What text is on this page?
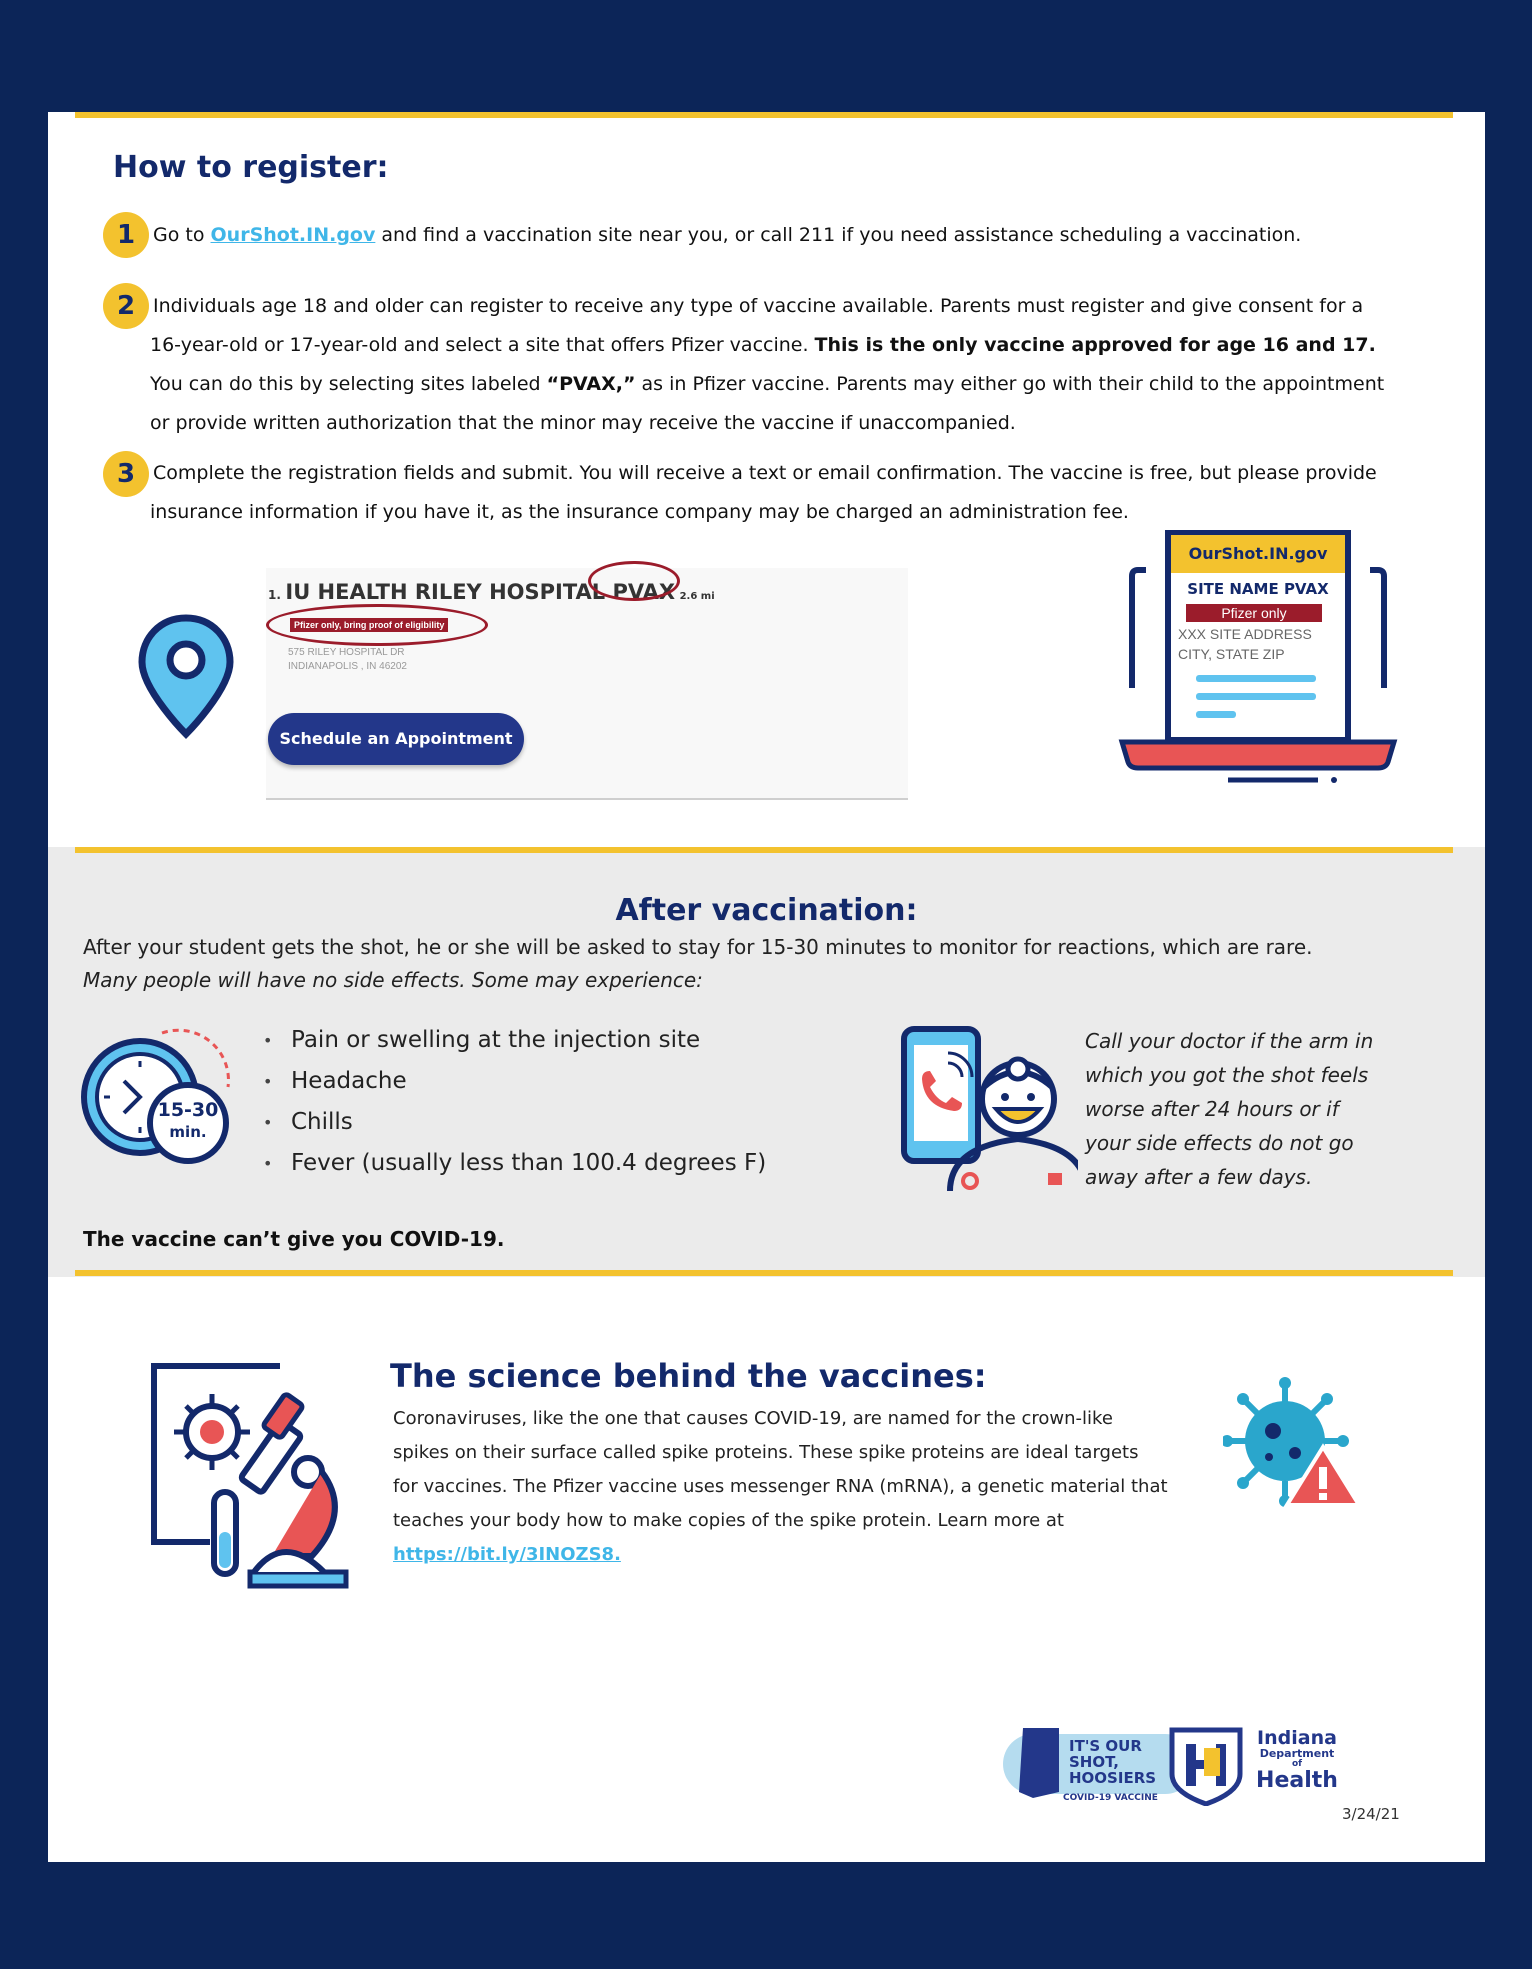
How to register:
1 Go to OurShot.IN.gov and find a vaccination site near you, or call 211 if you need assistance scheduling a vaccination.
2 Individuals age 18 and older can register to receive any type of vaccine available. Parents must register and give consent for a
16-year-old or 17-year-old and select a site that offers Pfizer vaccine. This is the only vaccine approved for age 16 and 17.
You can do this by selecting sites labeled “PVAX,” as in Pfizer vaccine. Parents may either go with their child to the appointment
or provide written authorization that the minor may receive the vaccine if unaccompanied.
3 Complete the registration fields and submit. You will receive a text or email confirmation. The vaccine is free, but please provide
insurance information if you have it, as the insurance company may be charged an administration fee.
1. IU HEALTH RILEY HOSPITAL PVAX 2.6 mi
Pfizer only, bring proof of eligibility
575 RILEY HOSPITAL DR
INDIANAPOLIS , IN 46202
Schedule an Appointment
OurShot.IN.gov
SITE NAME PVAX
Pfizer only
XXX SITE ADDRESS
CITY, STATE ZIP
After vaccination:
After your student gets the shot, he or she will be asked to stay for 15-30 minutes to monitor for reactions, which are rare.
Many people will have no side effects. Some may experience:
15-30
min.
• Pain or swelling at the injection site
• Headache
• Chills
• Fever (usually less than 100.4 degrees F)
Call your doctor if the arm in
which you got the shot feels
worse after 24 hours or if
your side effects do not go
away after a few days.
The vaccine can’t give you COVID-19.
The science behind the vaccines:
Coronaviruses, like the one that causes COVID-19, are named for the crown-like
spikes on their surface called spike proteins. These spike proteins are ideal targets
for vaccines. The Pfizer vaccine uses messenger RNA (mRNA), a genetic material that
teaches your body how to make copies of the spike protein. Learn more at
https://bit.ly/3INOZS8.
IT'S OUR
SHOT,
HOOSIERS
COVID-19 VACCINE
Indiana
Department
of
Health
3/24/21
